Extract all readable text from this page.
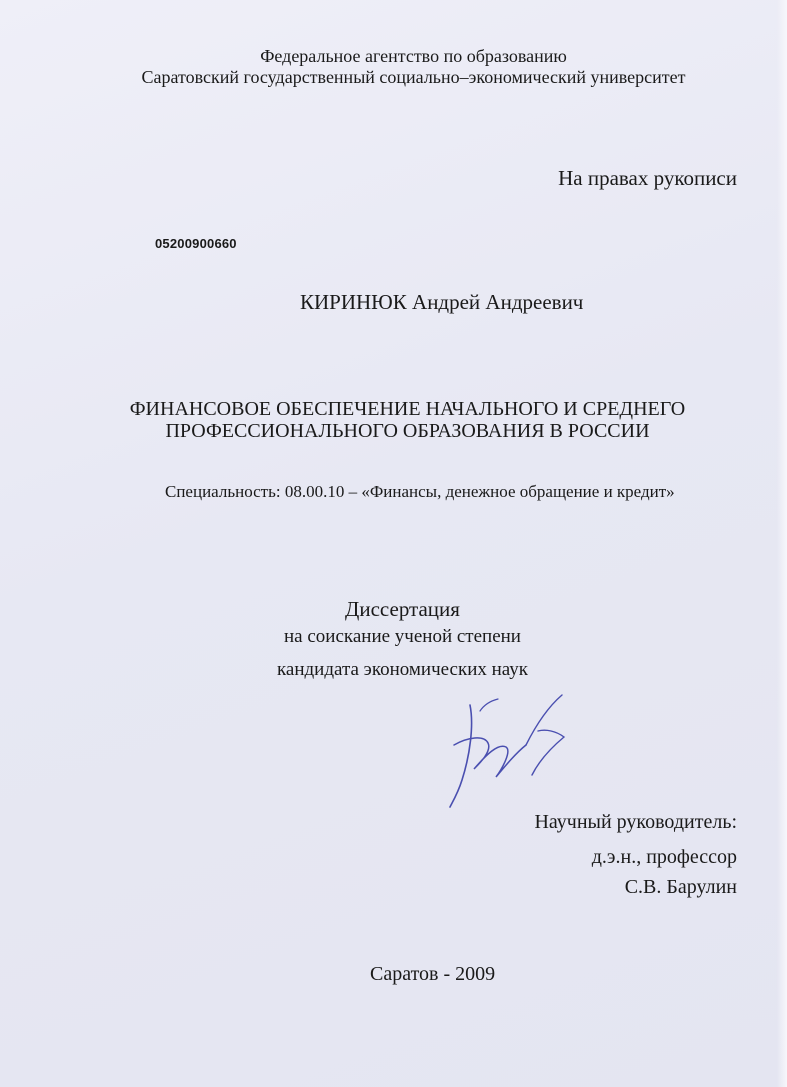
Федеральное агентство по образованию
Саратовский государственный социально–экономический университет
На правах рукописи
05200900660
КИРИНЮК Андрей Андреевич
ФИНАНСОВОЕ ОБЕСПЕЧЕНИЕ НАЧАЛЬНОГО И СРЕДНЕГО
ПРОФЕССИОНАЛЬНОГО ОБРАЗОВАНИЯ В РОССИИ
Специальность: 08.00.10 – «Финансы, денежное обращение и кредит»
Диссертация
на соискание ученой степени
кандидата экономических наук
Научный руководитель:
д.э.н., профессор
С.В. Барулин
Саратов - 2009
